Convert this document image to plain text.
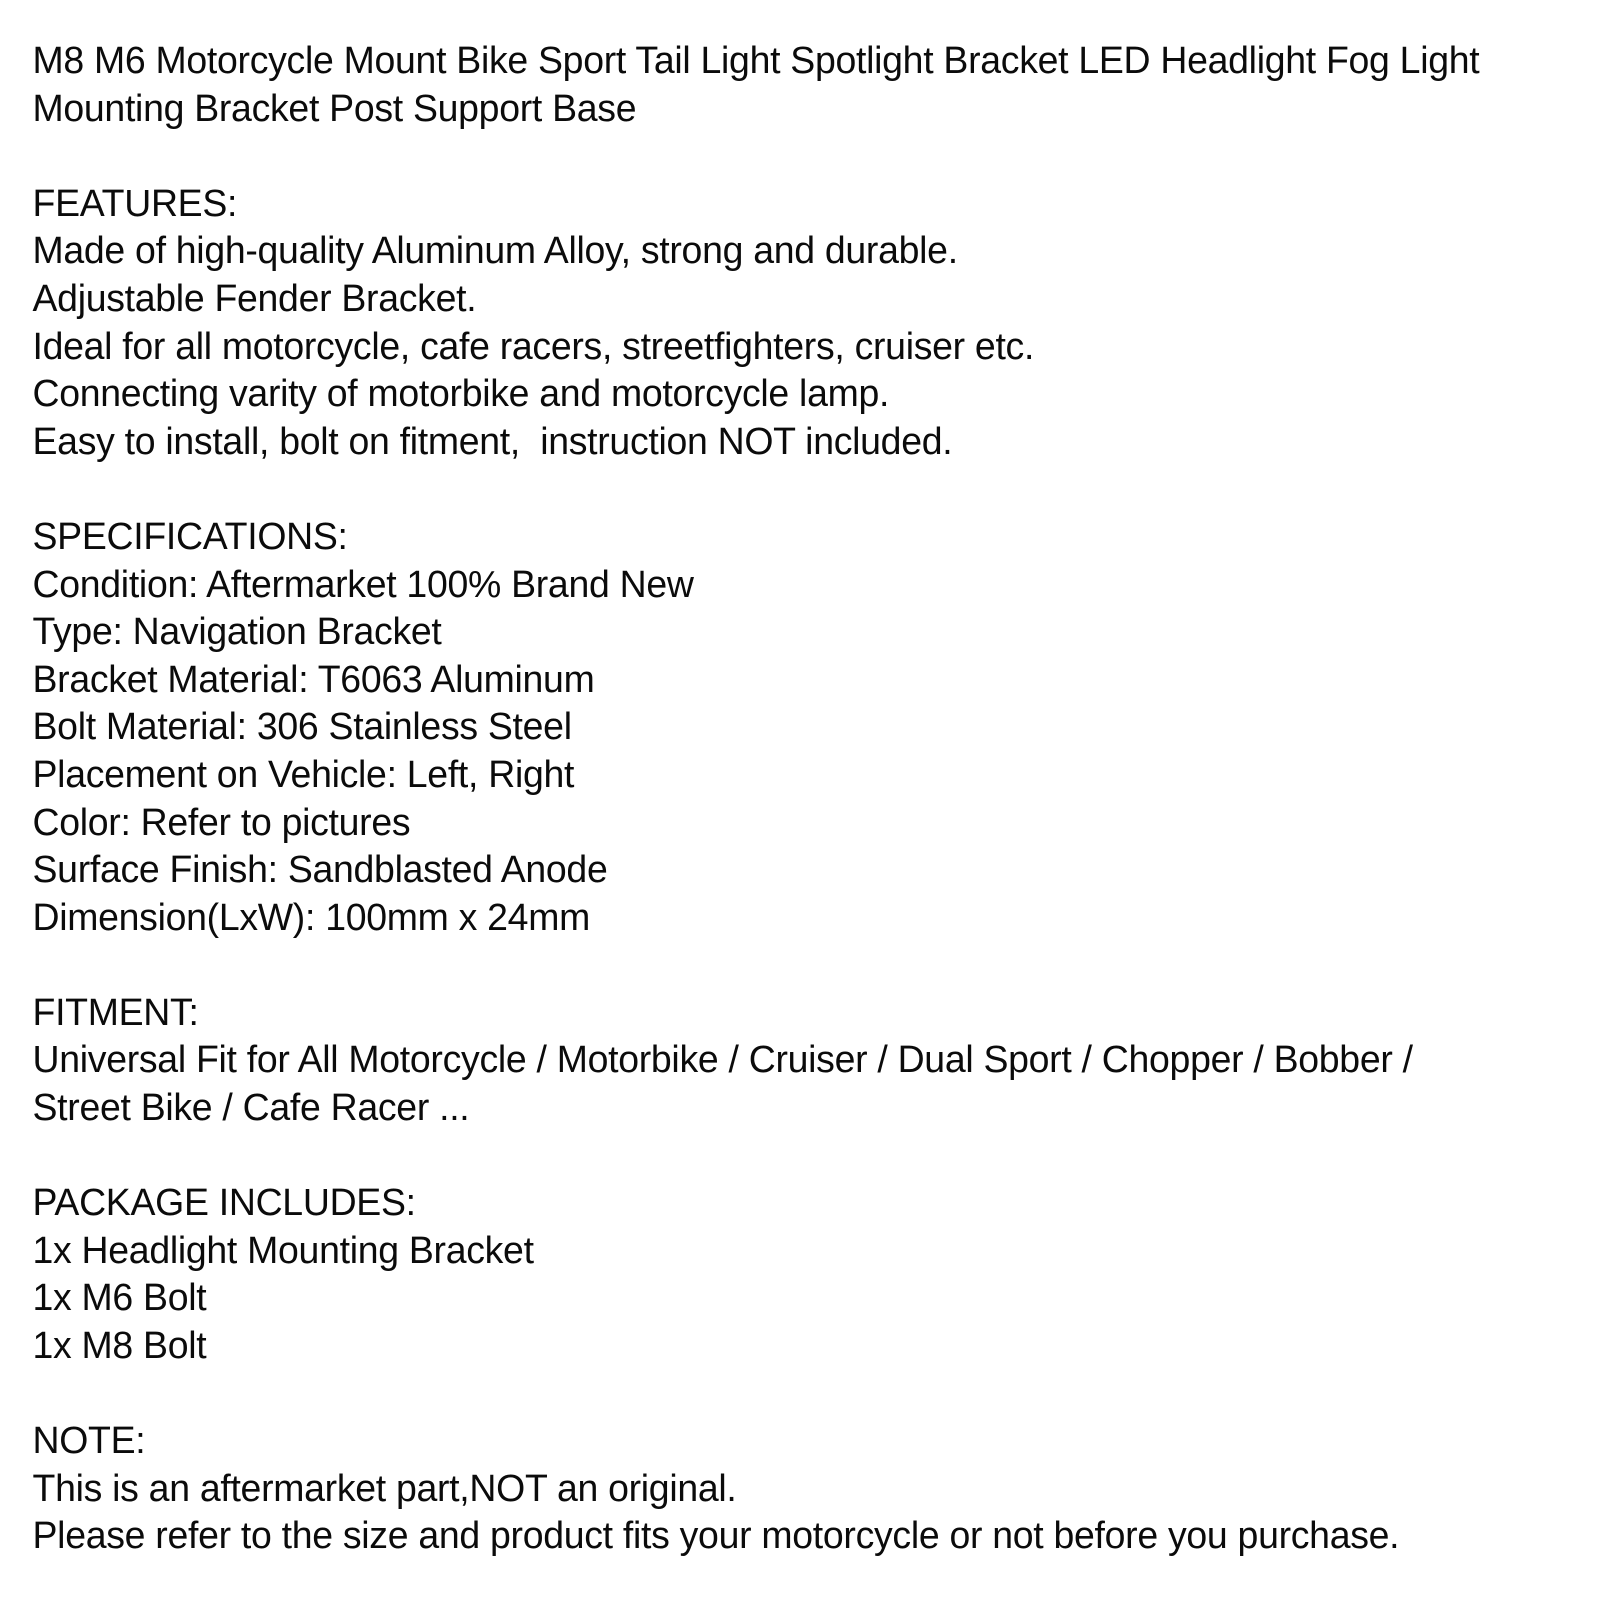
M8 M6 Motorcycle Mount Bike Sport Tail Light Spotlight Bracket LED Headlight Fog Light
Mounting Bracket Post Support Base
FEATURES:
Made of high-quality Aluminum Alloy, strong and durable.
Adjustable Fender Bracket.
Ideal for all motorcycle, cafe racers, streetfighters, cruiser etc.
Connecting varity of motorbike and motorcycle lamp.
Easy to install, bolt on fitment,  instruction NOT included.
SPECIFICATIONS:
Condition: Aftermarket 100% Brand New
Type: Navigation Bracket
Bracket Material: T6063 Aluminum
Bolt Material: 306 Stainless Steel
Placement on Vehicle: Left, Right
Color: Refer to pictures
Surface Finish: Sandblasted Anode
Dimension(LxW): 100mm x 24mm
FITMENT:
Universal Fit for All Motorcycle / Motorbike / Cruiser / Dual Sport / Chopper / Bobber /
Street Bike / Cafe Racer ...
PACKAGE INCLUDES:
1x Headlight Mounting Bracket
1x M6 Bolt
1x M8 Bolt
NOTE:
This is an aftermarket part,NOT an original.
Please refer to the size and product fits your motorcycle or not before you purchase.
